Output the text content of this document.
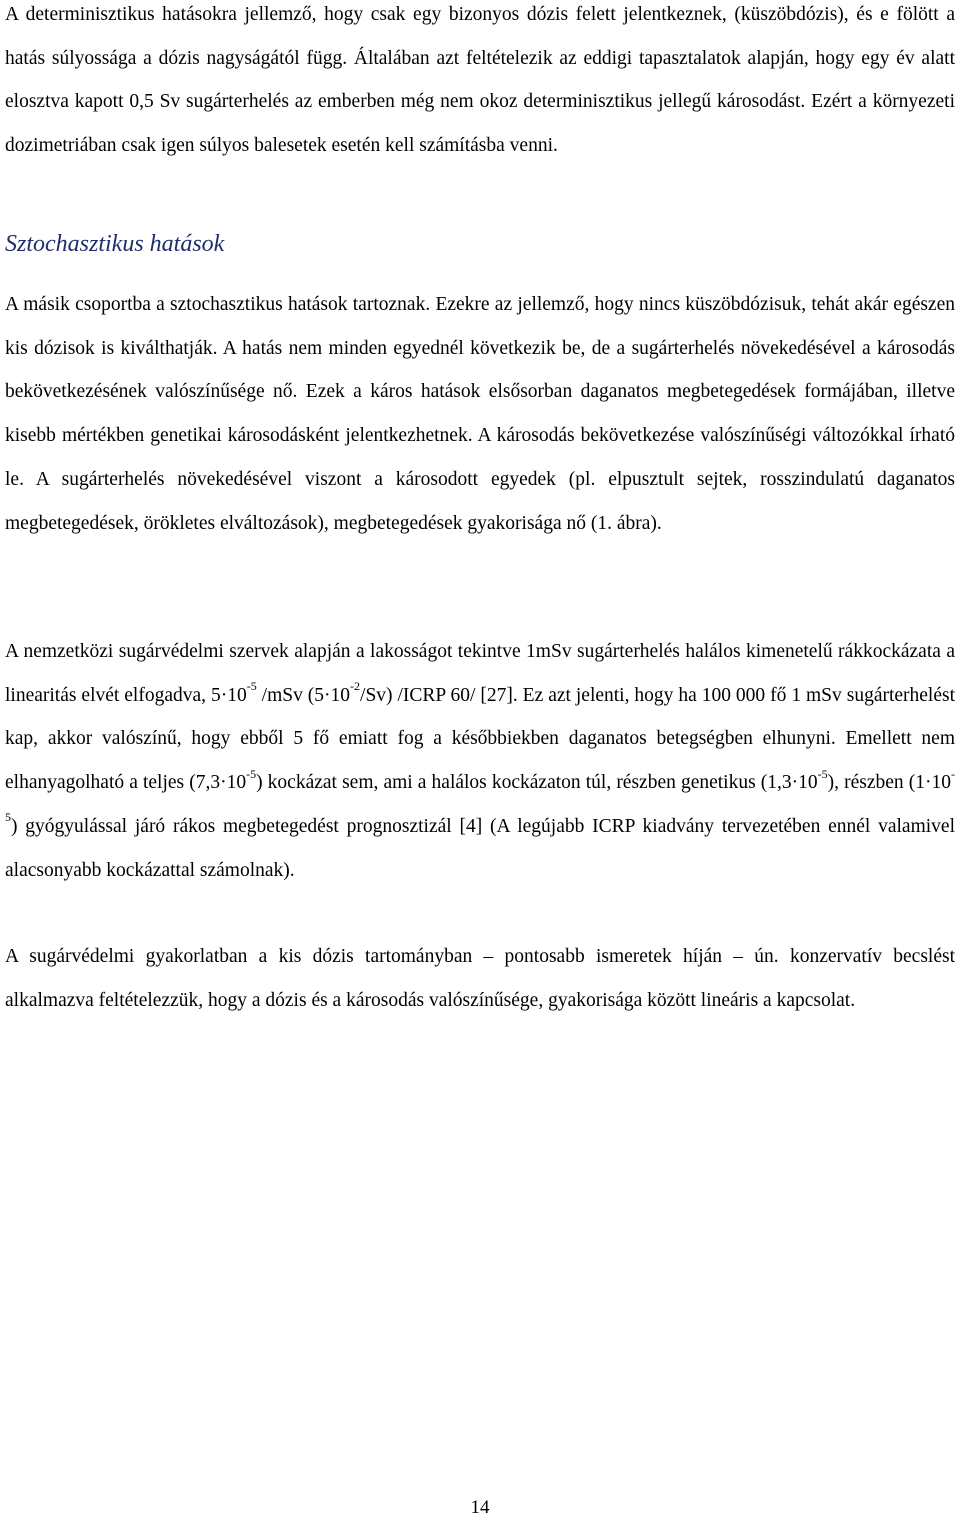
A determinisztikus hatásokra jellemző, hogy csak egy bizonyos dózis felett jelentkeznek, (küszöbdózis), és e fölött a hatás súlyossága a dózis nagyságától függ. Általában azt feltételezik az eddigi tapasztalatok alapján, hogy egy év alatt elosztva kapott 0,5 Sv sugárterhelés az emberben még nem okoz determinisztikus jellegű károsodást. Ezért a környezeti dozimetriában csak igen súlyos balesetek esetén kell számításba venni.

Sztochasztikus hatások

A másik csoportba a sztochasztikus hatások tartoznak. Ezekre az jellemző, hogy nincs küszöbdózisuk, tehát akár egészen kis dózisok is kiválthatják. A hatás nem minden egyednél következik be, de a sugárterhelés növekedésével a károsodás bekövetkezésének valószínűsége nő. Ezek a káros hatások elsősorban daganatos megbetegedések formájában, illetve kisebb mértékben genetikai károsodásként jelentkezhetnek. A károsodás bekövetkezése valószínűségi változókkal írható le. A sugárterhelés növekedésével viszont a károsodott egyedek (pl. elpusztult sejtek, rosszindulatú daganatos megbetegedések, örökletes elváltozások), megbetegedések gyakorisága nő (1. ábra).

A nemzetközi sugárvédelmi szervek alapján a lakosságot tekintve 1mSv sugárterhelés halálos kimenetelű rákkockázata a linearitás elvét elfogadva, $5\cdot 10^{-5}$ /mSv $(5\cdot 10^{-2}/Sv)$ /ICRP 60/ [27]. Ez azt jelenti, hogy ha 100 000 fő 1 mSv sugárterhelést kap, akkor valószínű, hogy ebből 5 fő emiatt fog a későbbiekben daganatos betegségben elhunyni. Emellett nem elhanyagolható a teljes $(7,3\cdot 10^{-5})$ kockázat sem, ami a halálos kockázaton túl, részben genetikus $(1,3\cdot 10^{-5})$, részben $(1\cdot 10^{-5})$ gyógyulással járó rákos megbetegedést prognosztizál [4] (A legújabb ICRP kiadvány tervezetében ennél valamivel alacsonyabb kockázattal számolnak).

A sugárvédelmi gyakorlatban a kis dózis tartományban – pontosabb ismeretek híján – ún. konzervatív becslést alkalmazva feltételezzük, hogy a dózis és a károsodás valószínűsége, gyakorisága között lineáris a kapcsolat.

14
